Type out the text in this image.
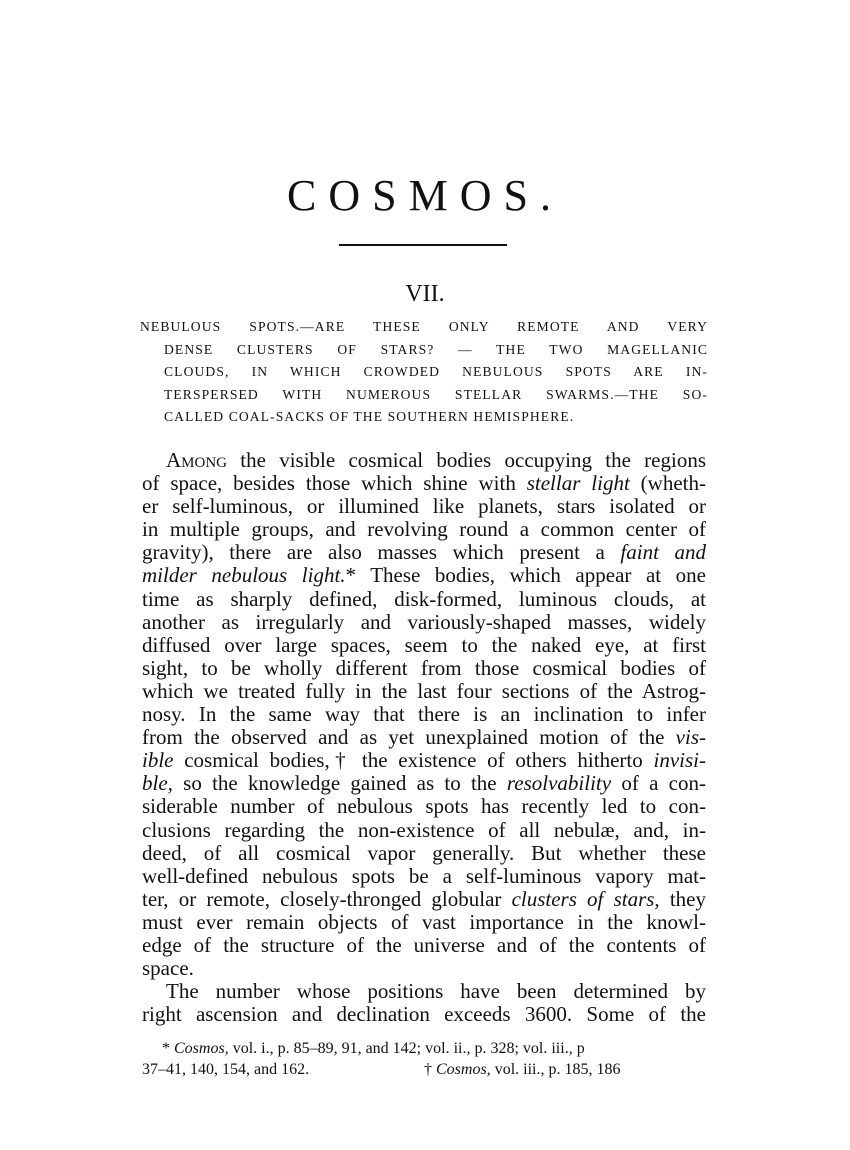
COSMOS.
VII.
NEBULOUS SPOTS.—ARE THESE ONLY REMOTE AND VERY
DENSE CLUSTERS OF STARS? — THE TWO MAGELLANIC
CLOUDS, IN WHICH CROWDED NEBULOUS SPOTS ARE IN-
TERSPERSED WITH NUMEROUS STELLAR SWARMS.—THE SO-
CALLED COAL-SACKS OF THE SOUTHERN HEMISPHERE.
Among the visible cosmical bodies occupying the regions
of space, besides those which shine with stellar light (wheth-
er self-luminous, or illumined like planets, stars isolated or
in multiple groups, and revolving round a common center of
gravity), there are also masses which present a faint and
milder nebulous light.* These bodies, which appear at one
time as sharply defined, disk-formed, luminous clouds, at
another as irregularly and variously-shaped masses, widely
diffused over large spaces, seem to the naked eye, at first
sight, to be wholly different from those cosmical bodies of
which we treated fully in the last four sections of the Astrog-
nosy. In the same way that there is an inclination to infer
from the observed and as yet unexplained motion of the vis-
ible cosmical bodies,† the existence of others hitherto invisi-
ble, so the knowledge gained as to the resolvability of a con-
siderable number of nebulous spots has recently led to con-
clusions regarding the non-existence of all nebulæ, and, in-
deed, of all cosmical vapor generally. But whether these
well-defined nebulous spots be a self-luminous vapory mat-
ter, or remote, closely-thronged globular clusters of stars, they
must ever remain objects of vast importance in the knowl-
edge of the structure of the universe and of the contents of
space.
The number whose positions have been determined by
right ascension and declination exceeds 3600. Some of the
* Cosmos, vol. i., p. 85–89, 91, and 142; vol. ii., p. 328; vol. iii., p
37–41, 140, 154, and 162.	† Cosmos, vol. iii., p. 185, 186
